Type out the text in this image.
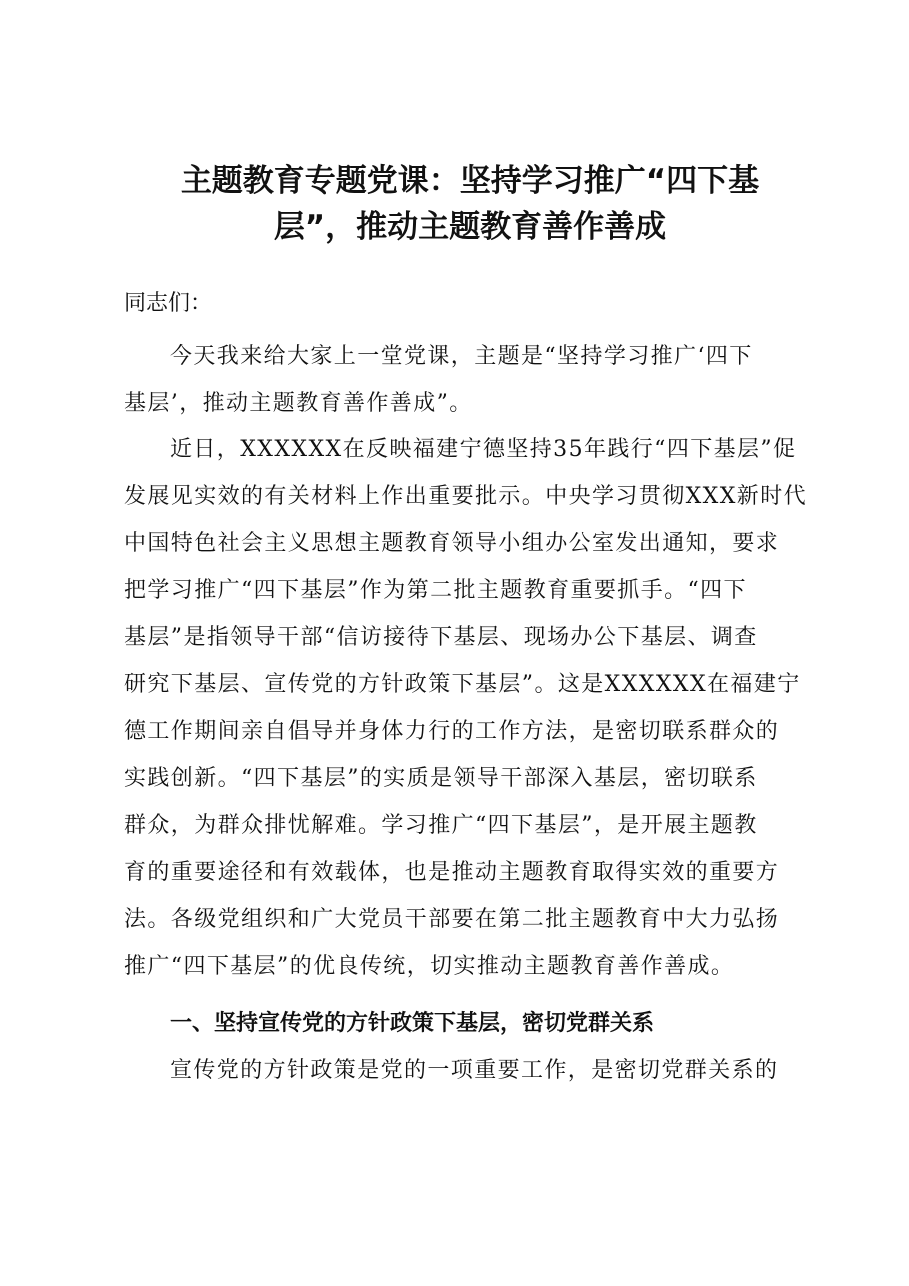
主题教育专题党课：坚持学习推广“四下基
层”，推动主题教育善作善成
同志们：
今天我来给大家上一堂党课，主题是“坚持学习推广‘四下
基层’，推动主题教育善作善成”。
近日，XXXXXX在反映福建宁德坚持35年践行“四下基层”促
发展见实效的有关材料上作出重要批示。中央学习贯彻XXX新时代
中国特色社会主义思想主题教育领导小组办公室发出通知，要求
把学习推广“四下基层”作为第二批主题教育重要抓手。“四下
基层”是指领导干部“信访接待下基层、现场办公下基层、调查
研究下基层、宣传党的方针政策下基层”。这是XXXXXX在福建宁
德工作期间亲自倡导并身体力行的工作方法，是密切联系群众的
实践创新。“四下基层”的实质是领导干部深入基层，密切联系
群众，为群众排忧解难。学习推广“四下基层”，是开展主题教
育的重要途径和有效载体，也是推动主题教育取得实效的重要方
法。各级党组织和广大党员干部要在第二批主题教育中大力弘扬
推广“四下基层”的优良传统，切实推动主题教育善作善成。
一、坚持宣传党的方针政策下基层，密切党群关系
宣传党的方针政策是党的一项重要工作，是密切党群关系的
